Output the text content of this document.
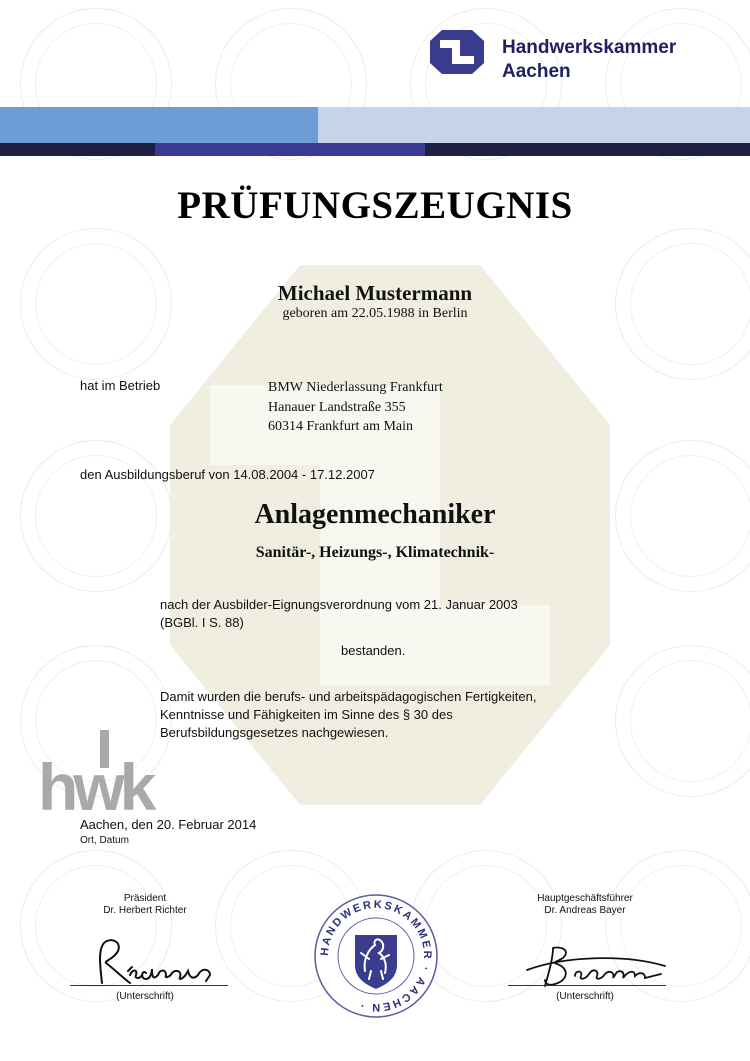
Handwerkskammer
Aachen
PRÜFUNGSZEUGNIS
Michael Mustermann
geboren am 22.05.1988 in Berlin
hat im Betrieb	BMW Niederlassung Frankfurt
Hanauer Landstraße 355
60314 Frankfurt am Main
den Ausbildungsberuf von 14.08.2004 - 17.12.2007
Anlagenmechaniker
Sanitär-, Heizungs-, Klimatechnik-
nach der Ausbilder-Eignungsverordnung vom 21. Januar 2003
(BGBl. I S. 88)
bestanden.
Damit wurden die berufs- und arbeitspädagogischen Fertigkeiten,
Kenntnisse und Fähigkeiten im Sinne des § 30 des
Berufsbildungsgesetzes nachgewiesen.
hwk
Aachen, den 20. Februar 2014
Ort, Datum
Präsident
Dr. Herbert Richter
(Unterschrift)
HANDWERKSKAMMER · AACHEN ·
Hauptgeschäftsführer
Dr. Andreas Bayer
(Unterschrift)
